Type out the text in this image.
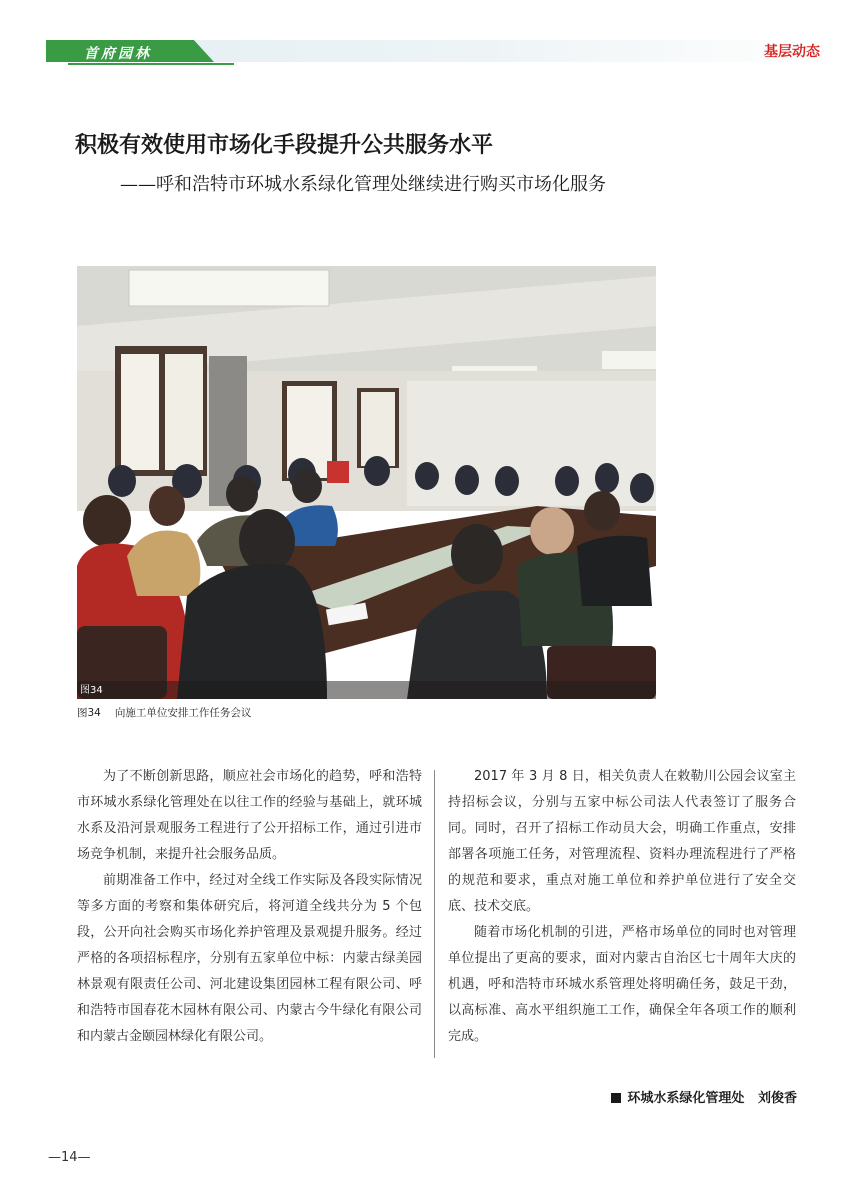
首府园林	基层动态
积极有效使用市场化手段提升公共服务水平
——呼和浩特市环城水系绿化管理处继续进行购买市场化服务
图34
图34 向施工单位安排工作任务会议

为了不断创新思路，顺应社会市场化的趋势，呼和浩特市环城水系绿化管理处在以往工作的经验与基础上，就环城水系及沿河景观服务工程进行了公开招标工作，通过引进市场竞争机制，来提升社会服务品质。

前期准备工作中，经过对全线工作实际及各段实际情况等多方面的考察和集体研究后，将河道全线共分为 5 个包段，公开向社会购买市场化养护管理及景观提升服务。经过严格的各项招标程序，分别有五家单位中标：内蒙古绿美园林景观有限责任公司、河北建设集团园林工程有限公司、呼和浩特市国春花木园林有限公司、内蒙古今牛绿化有限公司和内蒙古金颐园林绿化有限公司。

2017 年 3 月 8 日，相关负责人在敕勒川公园会议室主持招标会议，分别与五家中标公司法人代表签订了服务合同。同时，召开了招标工作动员大会，明确工作重点，安排部署各项施工任务，对管理流程、资料办理流程进行了严格的规范和要求，重点对施工单位和养护单位进行了安全交底、技术交底。

随着市场化机制的引进，严格市场单位的同时也对管理单位提出了更高的要求，面对内蒙古自治区七十周年大庆的机遇，呼和浩特市环城水系管理处将明确任务，鼓足干劲，以高标准、高水平组织施工工作，确保全年各项工作的顺利完成。

环城水系绿化管理处 刘俊香
—14—
